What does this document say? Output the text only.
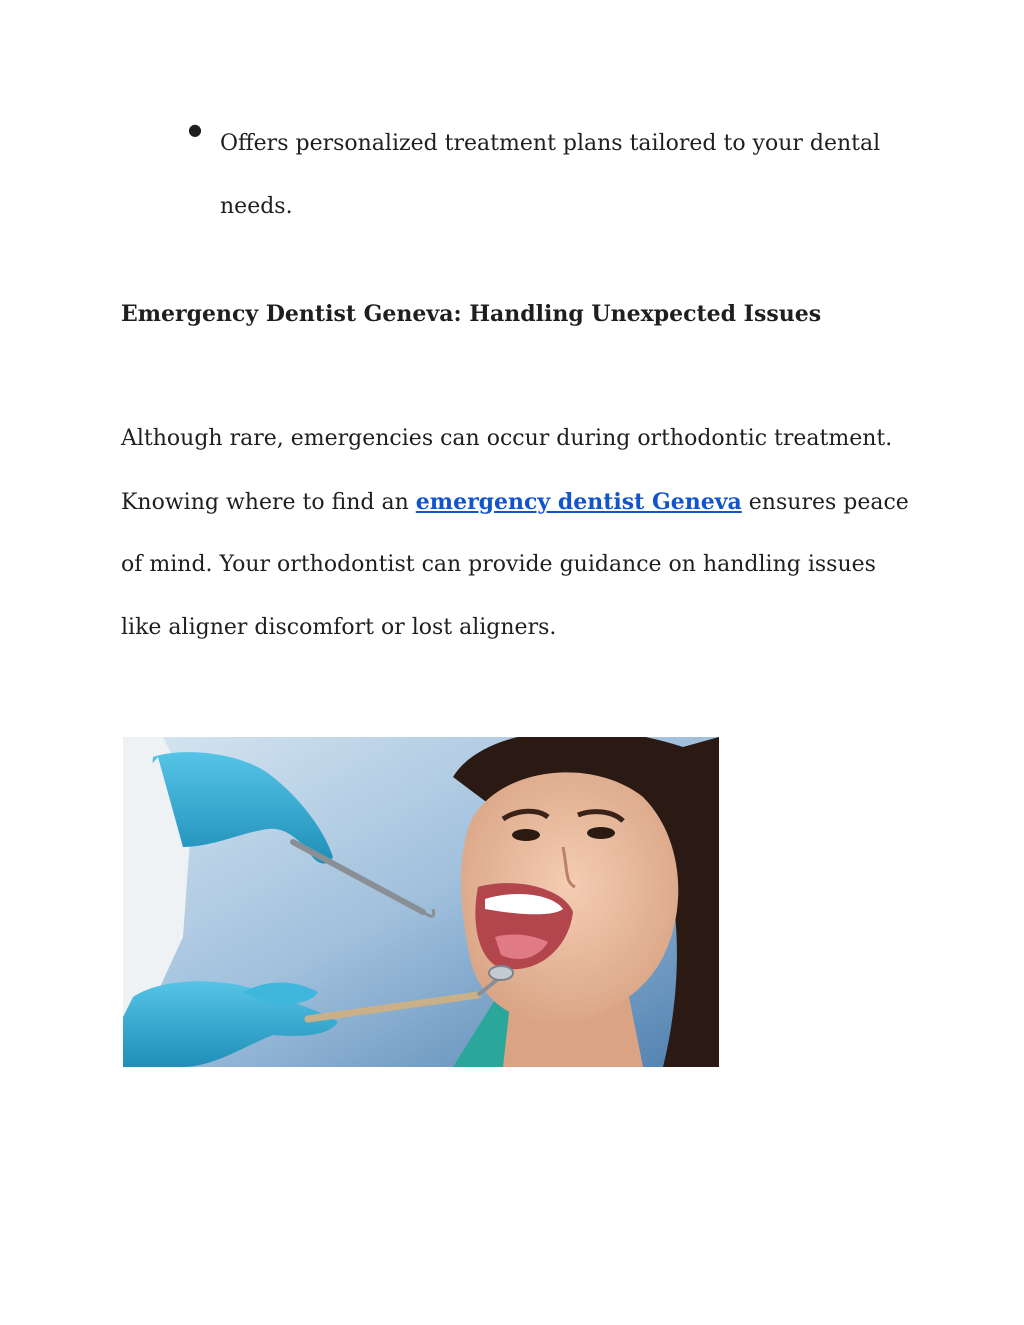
●

Offers personalized treatment plans tailored to your dental needs.

Emergency Dentist Geneva: Handling Unexpected Issues

Although rare, emergencies can occur during orthodontic treatment. Knowing where to find an emergency dentist Geneva ensures peace of mind. Your orthodontist can provide guidance on handling issues like aligner discomfort or lost aligners.
